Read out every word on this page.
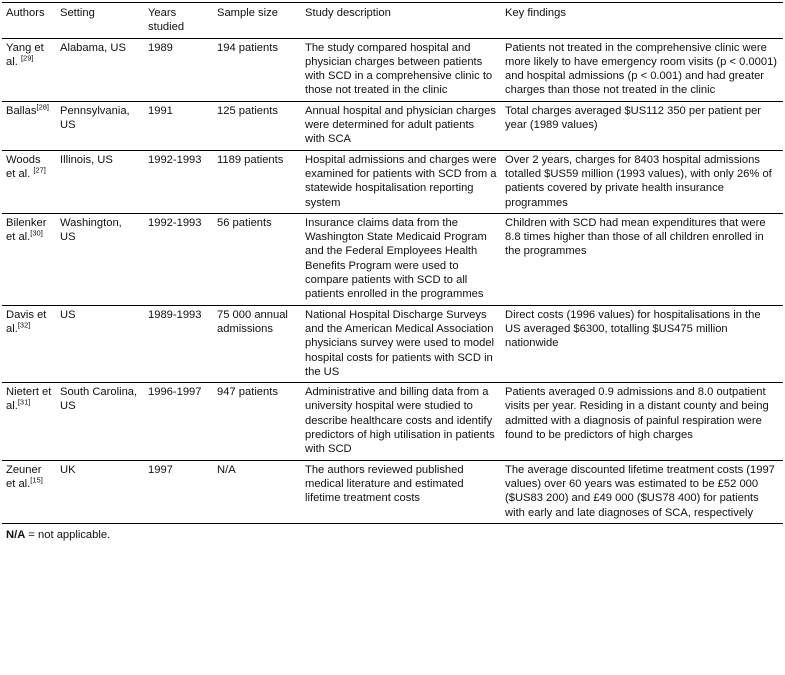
Authors	Setting	Years studied	Sample size	Study description	Key findings
Yang et al. [29]	Alabama, US	1989	194 patients	The study compared hospital and physician charges between patients with SCD in a comprehensive clinic to those not treated in the clinic	Patients not treated in the comprehensive clinic were more likely to have emergency room visits (p < 0.0001) and hospital admissions (p < 0.001) and had greater charges than those not treated in the clinic
Ballas[28]	Pennsylvania, US	1991	125 patients	Annual hospital and physician charges were determined for adult patients with SCA	Total charges averaged $US112 350 per patient per year (1989 values)
Woods et al. [27]	Illinois, US	1992-1993	1189 patients	Hospital admissions and charges were examined for patients with SCD from a statewide hospitalisation reporting system	Over 2 years, charges for 8403 hospital admissions totalled $US59 million (1993 values), with only 26% of patients covered by private health insurance programmes
Bilenker et al.[30]	Washington, US	1992-1993	56 patients	Insurance claims data from the Washington State Medicaid Program and the Federal Employees Health Benefits Program were used to compare patients with SCD to all patients enrolled in the programmes	Children with SCD had mean expenditures that were 8.8 times higher than those of all children enrolled in the programmes
Davis et al.[32]	US	1989-1993	75 000 annual admissions	National Hospital Discharge Surveys and the American Medical Association physicians survey were used to model hospital costs for patients with SCD in the US	Direct costs (1996 values) for hospitalisations in the US averaged $6300, totalling $US475 million nationwide
Nietert et al.[31]	South Carolina, US	1996-1997	947 patients	Administrative and billing data from a university hospital were studied to describe healthcare costs and identify predictors of high utilisation in patients with SCD	Patients averaged 0.9 admissions and 8.0 outpatient visits per year. Residing in a distant county and being admitted with a diagnosis of painful respiration were found to be predictors of high charges
Zeuner et al.[15]	UK	1997	N/A	The authors reviewed published medical literature and estimated lifetime treatment costs	The average discounted lifetime treatment costs (1997 values) over 60 years was estimated to be £52 000 ($US83 200) and £49 000 ($US78 400) for patients with early and late diagnoses of SCA, respectively
N/A = not applicable.
